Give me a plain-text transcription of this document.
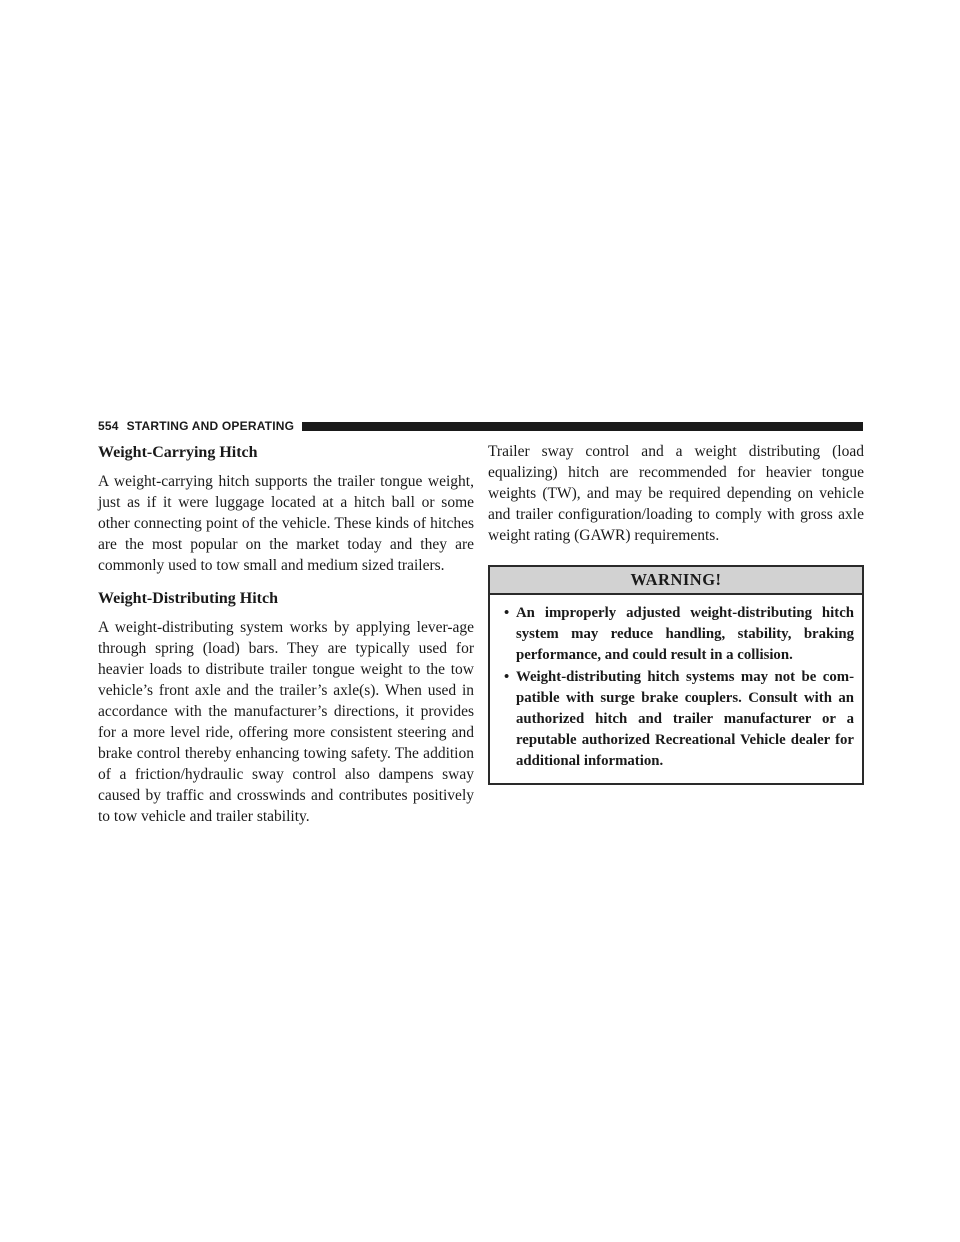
554 STARTING AND OPERATING
Weight-Carrying Hitch

A weight-carrying hitch supports the trailer tongue weight, just as if it were luggage located at a hitch ball or some other connecting point of the vehicle. These kinds of hitches are the most popular on the market today and they are commonly used to tow small and medium sized trailers.

Weight-Distributing Hitch

A weight-distributing system works by applying lever-age through spring (load) bars. They are typically used for heavier loads to distribute trailer tongue weight to the tow vehicle’s front axle and the trailer’s axle(s). When used in accordance with the manufacturer’s directions, it provides for a more level ride, offering more consistent steering and brake control thereby enhancing towing safety. The addition of a friction/hydraulic sway control also dampens sway caused by traffic and crosswinds and contributes positively to tow vehicle and trailer stability.

Trailer sway control and a weight distributing (load equalizing) hitch are recommended for heavier tongue weights (TW), and may be required depending on vehicle and trailer configuration/loading to comply with gross axle weight rating (GAWR) requirements.

WARNING!
• An improperly adjusted weight-distributing hitch system may reduce handling, stability, braking performance, and could result in a collision.
• Weight-distributing hitch systems may not be com-patible with surge brake couplers. Consult with an authorized hitch and trailer manufacturer or a reputable authorized Recreational Vehicle dealer for additional information.
